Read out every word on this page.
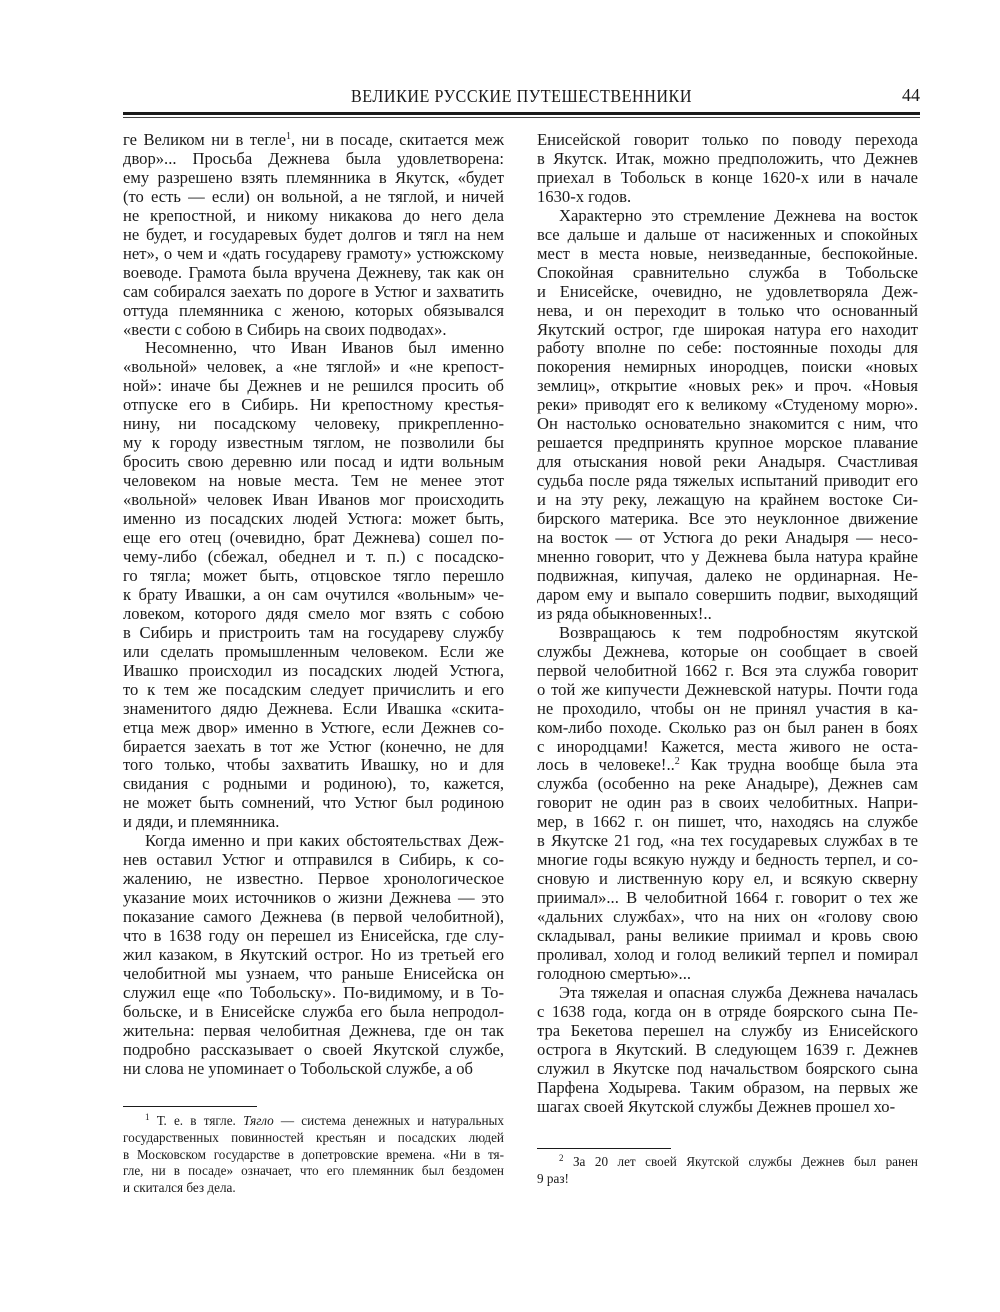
ВЕЛИКИЕ РУССКИЕ ПУТЕШЕСТВЕННИКИ	44
ге Великом ни в тегле$^1$, ни в посаде, скитается меж
двор»... Просьба Дежнева была удовлетворена:
ему разрешено взять племянника в Якутск, «будет
(то есть — если) он вольной, а не тяглой, и ничей
не крепостной, и никому никакова до него дела
не будет, и государевых будет долгов и тягл на нем
нет», о чем и «дать государеву грамоту» устюжскому
воеводе. Грамота была вручена Дежневу, так как он
сам собирался заехать по дороге в Устюг и захватить
оттуда племянника с женою, которых обязывался
«вести с собою в Сибирь на своих подводах».
Несомненно, что Иван Иванов был именно
«вольной» человек, а «не тяглой» и «не крепост-
ной»: иначе бы Дежнев и не решился просить об
отпуске его в Сибирь. Ни крепостному крестья-
нину, ни посадскому человеку, прикрепленно-
му к городу известным тяглом, не позволили бы
бросить свою деревню или посад и идти вольным
человеком на новые места. Тем не менее этот
«вольной» человек Иван Иванов мог происходить
именно из посадских людей Устюга: может быть,
еще его отец (очевидно, брат Дежнева) сошел по-
чему-либо (сбежал, обеднел и т. п.) с посадско-
го тягла; может быть, отцовское тягло перешло
к брату Ивашки, а он сам очутился «вольным» че-
ловеком, которого дядя смело мог взять с собою
в Сибирь и пристроить там на государеву службу
или сделать промышленным человеком. Если же
Ивашко происходил из посадских людей Устюга,
то к тем же посадским следует причислить и его
знаменитого дядю Дежнева. Если Ивашка «скита-
етца меж двор» именно в Устюге, если Дежнев со-
бирается заехать в тот же Устюг (конечно, не для
того только, чтобы захватить Ивашку, но и для
свидания с родными и родиною), то, кажется,
не может быть сомнений, что Устюг был родиною
и дяди, и племянника.
Когда именно и при каких обстоятельствах Деж-
нев оставил Устюг и отправился в Сибирь, к со-
жалению, не известно. Первое хронологическое
указание моих источников о жизни Дежнева — это
показание самого Дежнева (в первой челобитной),
что в 1638 году он перешел из Енисейска, где слу-
жил казаком, в Якутский острог. Но из третьей его
челобитной мы узнаем, что раньше Енисейска он
служил еще «по Тобольску». По-видимому, и в То-
больске, и в Енисейске служба его была непродол-
жительна: первая челобитная Дежнева, где он так
подробно рассказывает о своей Якутской службе,
ни слова не упоминает о Тобольской службе, а об
Енисейской говорит только по поводу перехода
в Якутск. Итак, можно предположить, что Дежнев
приехал в Тобольск в конце 1620-х или в начале
1630-х годов.
Характерно это стремление Дежнева на восток
все дальше и дальше от насиженных и спокойных
мест в места новые, неизведанные, беспокойные.
Спокойная сравнительно служба в Тобольске
и Енисейске, очевидно, не удовлетворяла Деж-
нева, и он переходит в только что основанный
Якутский острог, где широкая натура его находит
работу вполне по себе: постоянные походы для
покорения немирных инородцев, поиски «новых
землиц», открытие «новых рек» и проч. «Новыя
реки» приводят его к великому «Студеному морю».
Он настолько основательно знакомится с ним, что
решается предпринять крупное морское плавание
для отыскания новой реки Анадыря. Счастливая
судьба после ряда тяжелых испытаний приводит его
и на эту реку, лежащую на крайнем востоке Си-
бирского материка. Все это неуклонное движение
на восток — от Устюга до реки Анадыря — несо-
мненно говорит, что у Дежнева была натура крайне
подвижная, кипучая, далеко не ординарная. Не-
даром ему и выпало совершить подвиг, выходящий
из ряда обыкновенных!..
Возвращаюсь к тем подробностям якутской
службы Дежнева, которые он сообщает в своей
первой челобитной 1662 г. Вся эта служба говорит
о той же кипучести Дежневской натуры. Почти года
не проходило, чтобы он не принял участия в ка-
ком-либо походе. Сколько раз он был ранен в боях
с инородцами! Кажется, места живого не оста-
лось в человеке!..$^2$ Как трудна вообще была эта
служба (особенно на реке Анадыре), Дежнев сам
говорит не один раз в своих челобитных. Напри-
мер, в 1662 г. он пишет, что, находясь на службе
в Якутске 21 год, «на тех государевых службах в те
многие годы всякую нужду и бедность терпел, и со-
сновую и лиственную кору ел, и всякую скверну
приимал»... В челобитной 1664 г. говорит о тех же
«дальних службах», что на них он «голову свою
складывал, раны великие приимал и кровь свою
проливал, холод и голод великий терпел и помирал
голодною смертью»...
Эта тяжелая и опасная служба Дежнева началась
с 1638 года, когда он в отряде боярского сына Пе-
тра Бекетова перешел на службу из Енисейского
острога в Якутский. В следующем 1639 г. Дежнев
служил в Якутске под начальством боярского сына
Парфена Ходырева. Таким образом, на первых же
шагах своей Якутской службы Дежнев прошел хо-
$^1$ Т. е. в тягле. Тягло — система денежных и натуральных
государственных повинностей крестьян и посадских людей
в Московском государстве в допетровские времена. «Ни в тя-
гле, ни в посаде» означает, что его племянник был бездомен
и скитался без дела.
$^2$ За 20 лет своей Якутской службы Дежнев был ранен
9 раз!
